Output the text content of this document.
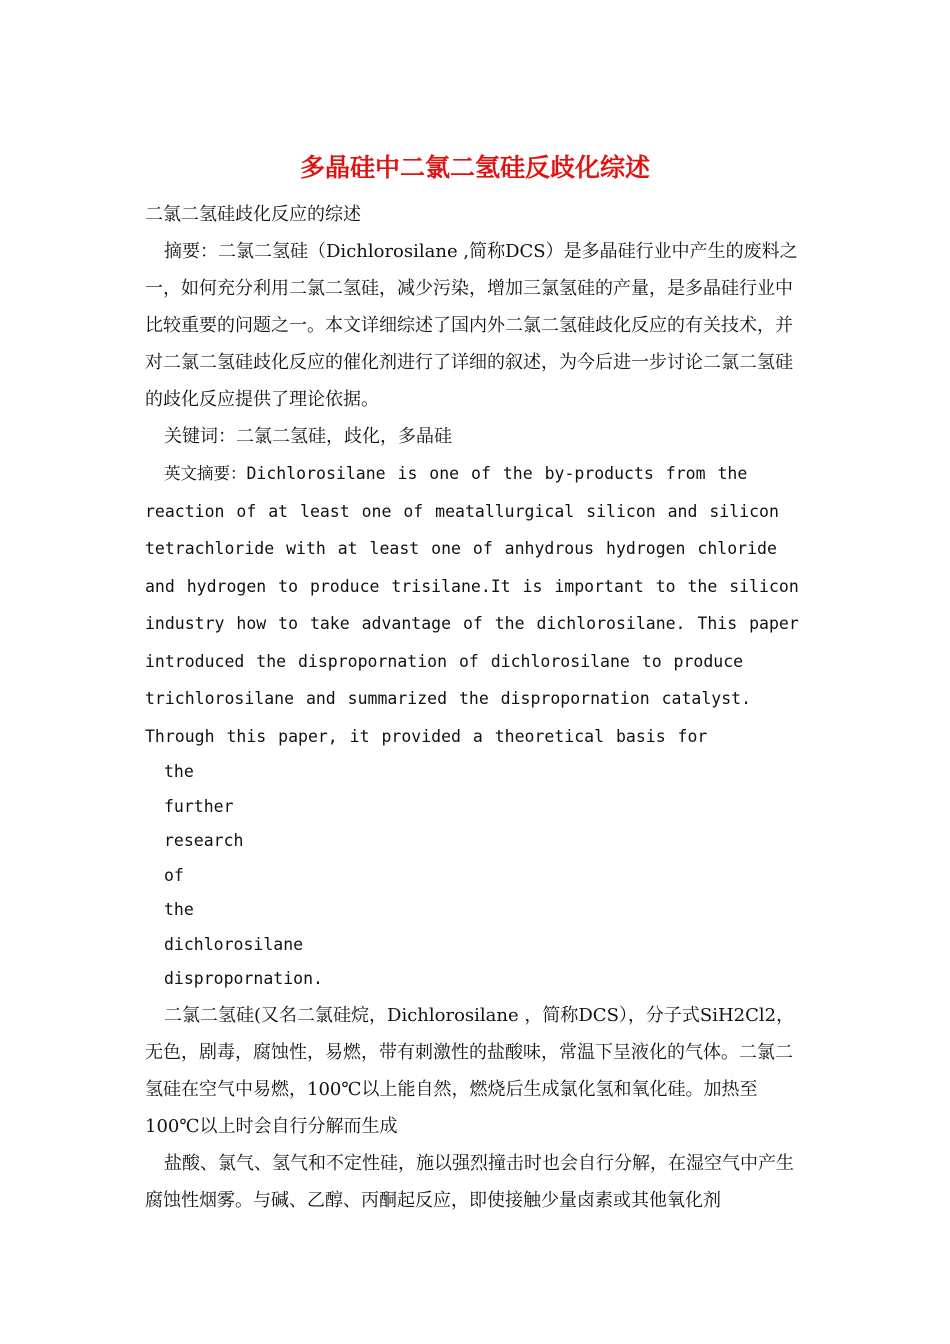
多晶硅中二氯二氢硅反歧化综述

二氯二氢硅歧化反应的综述

摘要：二氯二氢硅（Dichlorosilane ,简称DCS）是多晶硅行业中产生的废料之一，如何充分利用二氯二氢硅，减少污染，增加三氯氢硅的产量，是多晶硅行业中比较重要的问题之一。本文详细综述了国内外二氯二氢硅歧化反应的有关技术，并对二氯二氢硅歧化反应的催化剂进行了详细的叙述，为今后进一步讨论二氯二氢硅的歧化反应提供了理论依据。

关键词：二氯二氢硅，歧化，多晶硅

英文摘要：Dichlorosilane is one of the by-products from the reaction of at least one of meatallurgical silicon and silicon tetrachloride with at least one of anhydrous hydrogen chloride and hydrogen to produce trisilane.It is important to the silicon industry how to take advantage of the dichlorosilane. This paper introduced the dispropornation of dichlorosilane to produce trichlorosilane and summarized the dispropornation catalyst. Through this paper, it provided a theoretical basis for

the
further
research
of
the
dichlorosilane
dispropornation.

二氯二氢硅(又名二氯硅烷，Dichlorosilane ，简称DCS），分子式SiH2Cl2，无色，剧毒，腐蚀性，易燃，带有刺激性的盐酸味，常温下呈液化的气体。二氯二氢硅在空气中易燃，100℃以上能自然，燃烧后生成氯化氢和氧化硅。加热至100℃以上时会自行分解而生成

盐酸、氯气、氢气和不定性硅，施以强烈撞击时也会自行分解，在湿空气中产生腐蚀性烟雾。与碱、乙醇、丙酮起反应，即使接触少量卤素或其他氧化剂
